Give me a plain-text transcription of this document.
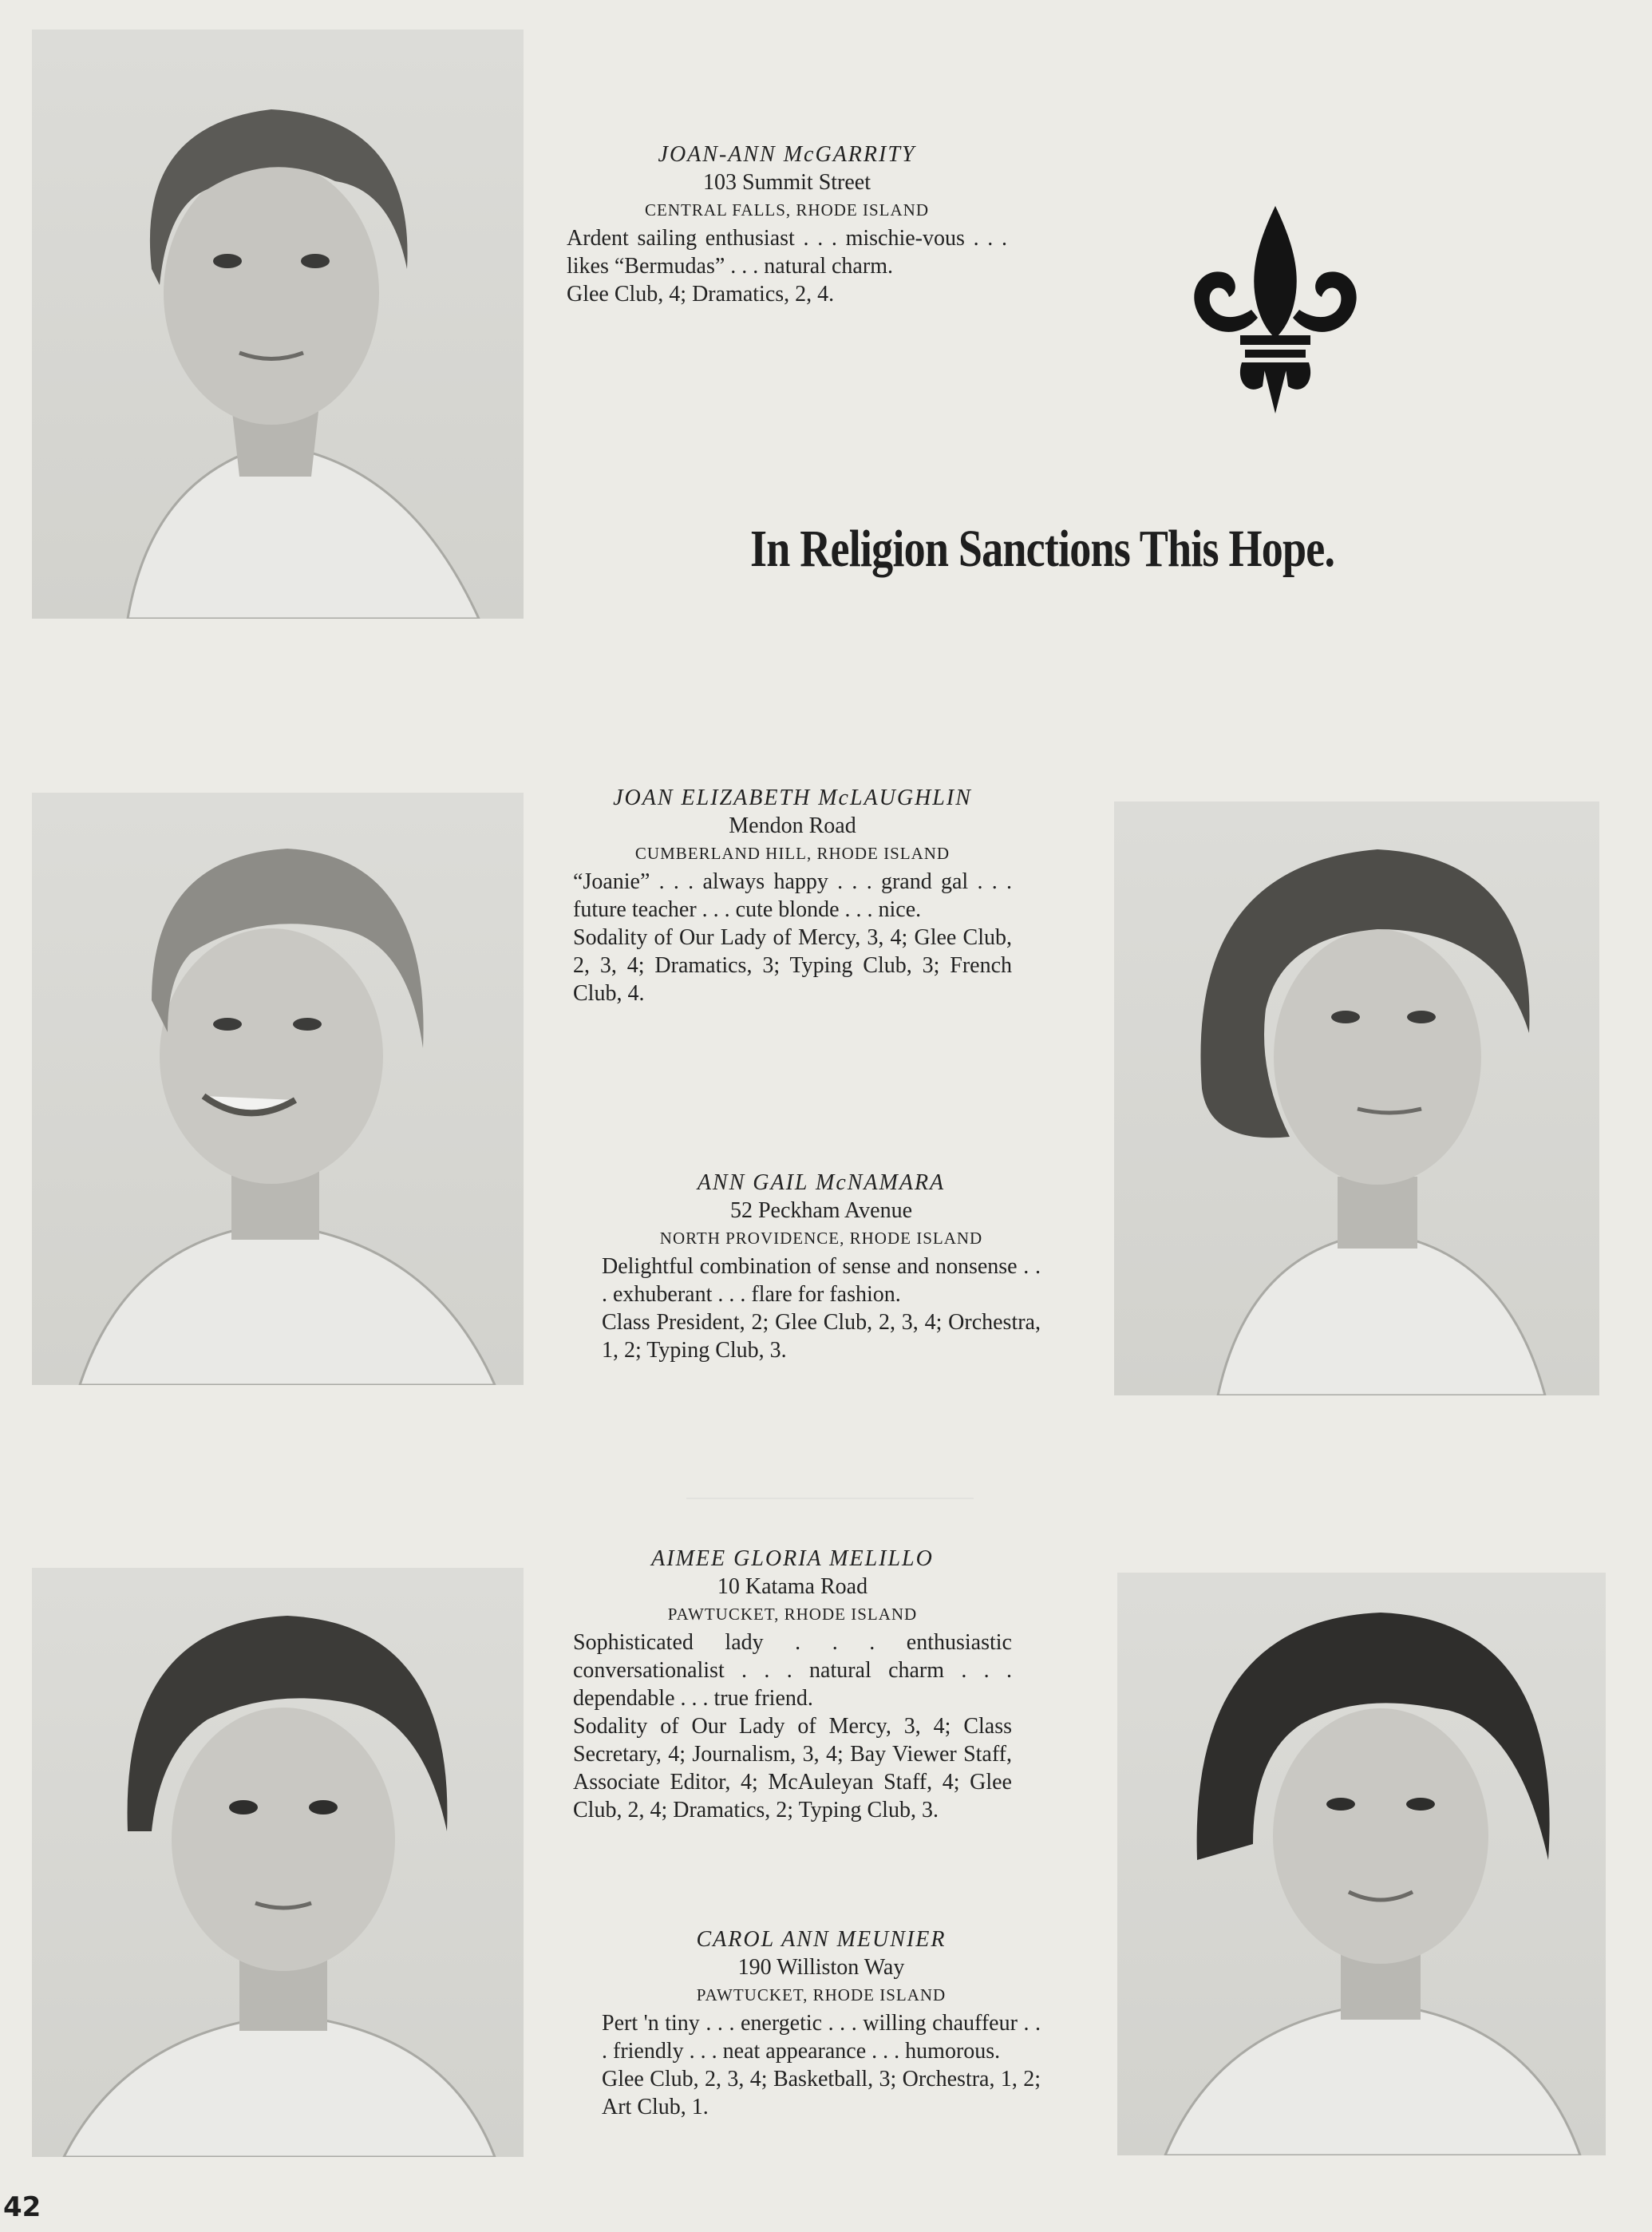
In Religion Sanctions This Hope.
JOAN-ANN McGARRITY
103 Summit Street
CENTRAL FALLS, RHODE ISLAND
Ardent sailing enthusiast . . . mischie-vous . . . likes “Bermudas” . . . natural charm.
Glee Club, 4; Dramatics, 2, 4.
JOAN ELIZABETH McLAUGHLIN
Mendon Road
CUMBERLAND HILL, RHODE ISLAND
“Joanie” . . . always happy . . . grand gal . . . future teacher . . . cute blonde . . . nice.
Sodality of Our Lady of Mercy, 3, 4; Glee Club, 2, 3, 4; Dramatics, 3; Typing Club, 3; French Club, 4.
ANN GAIL McNAMARA
52 Peckham Avenue
NORTH PROVIDENCE, RHODE ISLAND
Delightful combination of sense and nonsense . . . exhuberant . . . flare for fashion.
Class President, 2; Glee Club, 2, 3, 4; Orchestra, 1, 2; Typing Club, 3.
AIMEE GLORIA MELILLO
10 Katama Road
PAWTUCKET, RHODE ISLAND
Sophisticated lady . . . enthusiastic conversationalist . . . natural charm . . . dependable . . . true friend.
Sodality of Our Lady of Mercy, 3, 4; Class Secretary, 4; Journalism, 3, 4; Bay Viewer Staff, Associate Editor, 4; McAuleyan Staff, 4; Glee Club, 2, 4; Dramatics, 2; Typing Club, 3.
CAROL ANN MEUNIER
190 Williston Way
PAWTUCKET, RHODE ISLAND
Pert 'n tiny . . . energetic . . . willing chauffeur . . . friendly . . . neat appearance . . . humorous.
Glee Club, 2, 3, 4; Basketball, 3; Orchestra, 1, 2; Art Club, 1.
42
